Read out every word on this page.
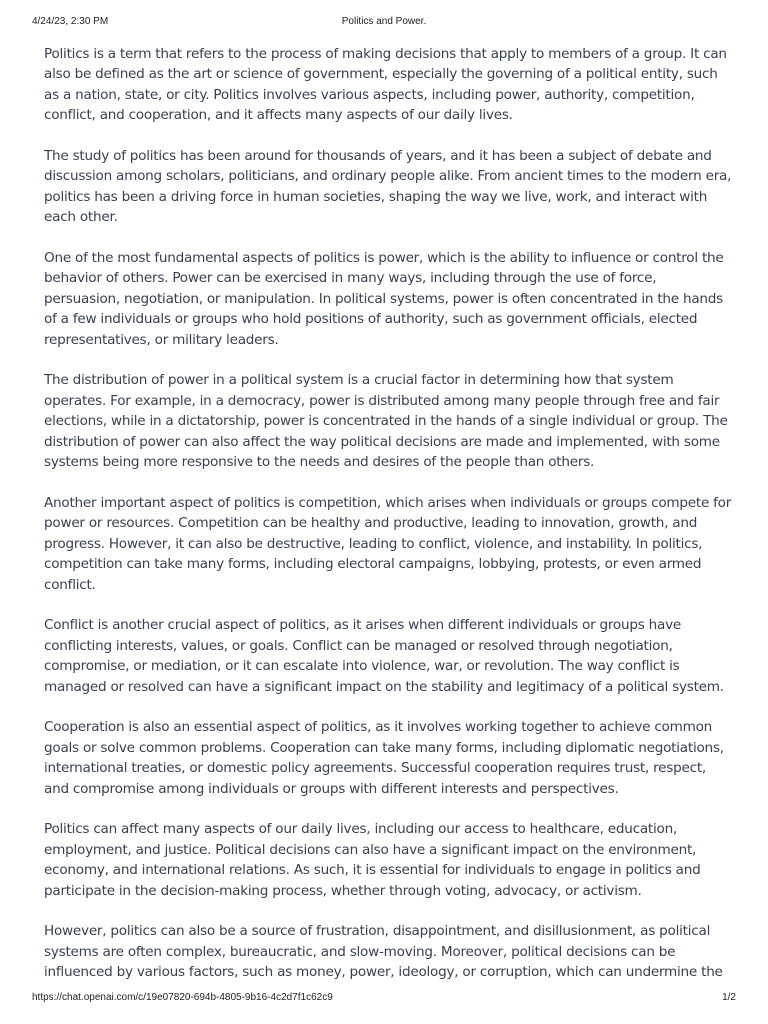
4/24/23, 2:30 PM	Politics and Power.

Politics is a term that refers to the process of making decisions that apply to members of a group. It can also be defined as the art or science of government, especially the governing of a political entity, such as a nation, state, or city. Politics involves various aspects, including power, authority, competition, conflict, and cooperation, and it affects many aspects of our daily lives.

The study of politics has been around for thousands of years, and it has been a subject of debate and discussion among scholars, politicians, and ordinary people alike. From ancient times to the modern era, politics has been a driving force in human societies, shaping the way we live, work, and interact with each other.

One of the most fundamental aspects of politics is power, which is the ability to influence or control the behavior of others. Power can be exercised in many ways, including through the use of force, persuasion, negotiation, or manipulation. In political systems, power is often concentrated in the hands of a few individuals or groups who hold positions of authority, such as government officials, elected representatives, or military leaders.

The distribution of power in a political system is a crucial factor in determining how that system operates. For example, in a democracy, power is distributed among many people through free and fair elections, while in a dictatorship, power is concentrated in the hands of a single individual or group. The distribution of power can also affect the way political decisions are made and implemented, with some systems being more responsive to the needs and desires of the people than others.

Another important aspect of politics is competition, which arises when individuals or groups compete for power or resources. Competition can be healthy and productive, leading to innovation, growth, and progress. However, it can also be destructive, leading to conflict, violence, and instability. In politics, competition can take many forms, including electoral campaigns, lobbying, protests, or even armed conflict.

Conflict is another crucial aspect of politics, as it arises when different individuals or groups have conflicting interests, values, or goals. Conflict can be managed or resolved through negotiation, compromise, or mediation, or it can escalate into violence, war, or revolution. The way conflict is managed or resolved can have a significant impact on the stability and legitimacy of a political system.

Cooperation is also an essential aspect of politics, as it involves working together to achieve common goals or solve common problems. Cooperation can take many forms, including diplomatic negotiations, international treaties, or domestic policy agreements. Successful cooperation requires trust, respect, and compromise among individuals or groups with different interests and perspectives.

Politics can affect many aspects of our daily lives, including our access to healthcare, education, employment, and justice. Political decisions can also have a significant impact on the environment, economy, and international relations. As such, it is essential for individuals to engage in politics and participate in the decision-making process, whether through voting, advocacy, or activism.

However, politics can also be a source of frustration, disappointment, and disillusionment, as political systems are often complex, bureaucratic, and slow-moving. Moreover, political decisions can be influenced by various factors, such as money, power, ideology, or corruption, which can undermine the

https://chat.openai.com/c/19e07820-694b-4805-9b16-4c2d7f1c62c9	1/2
